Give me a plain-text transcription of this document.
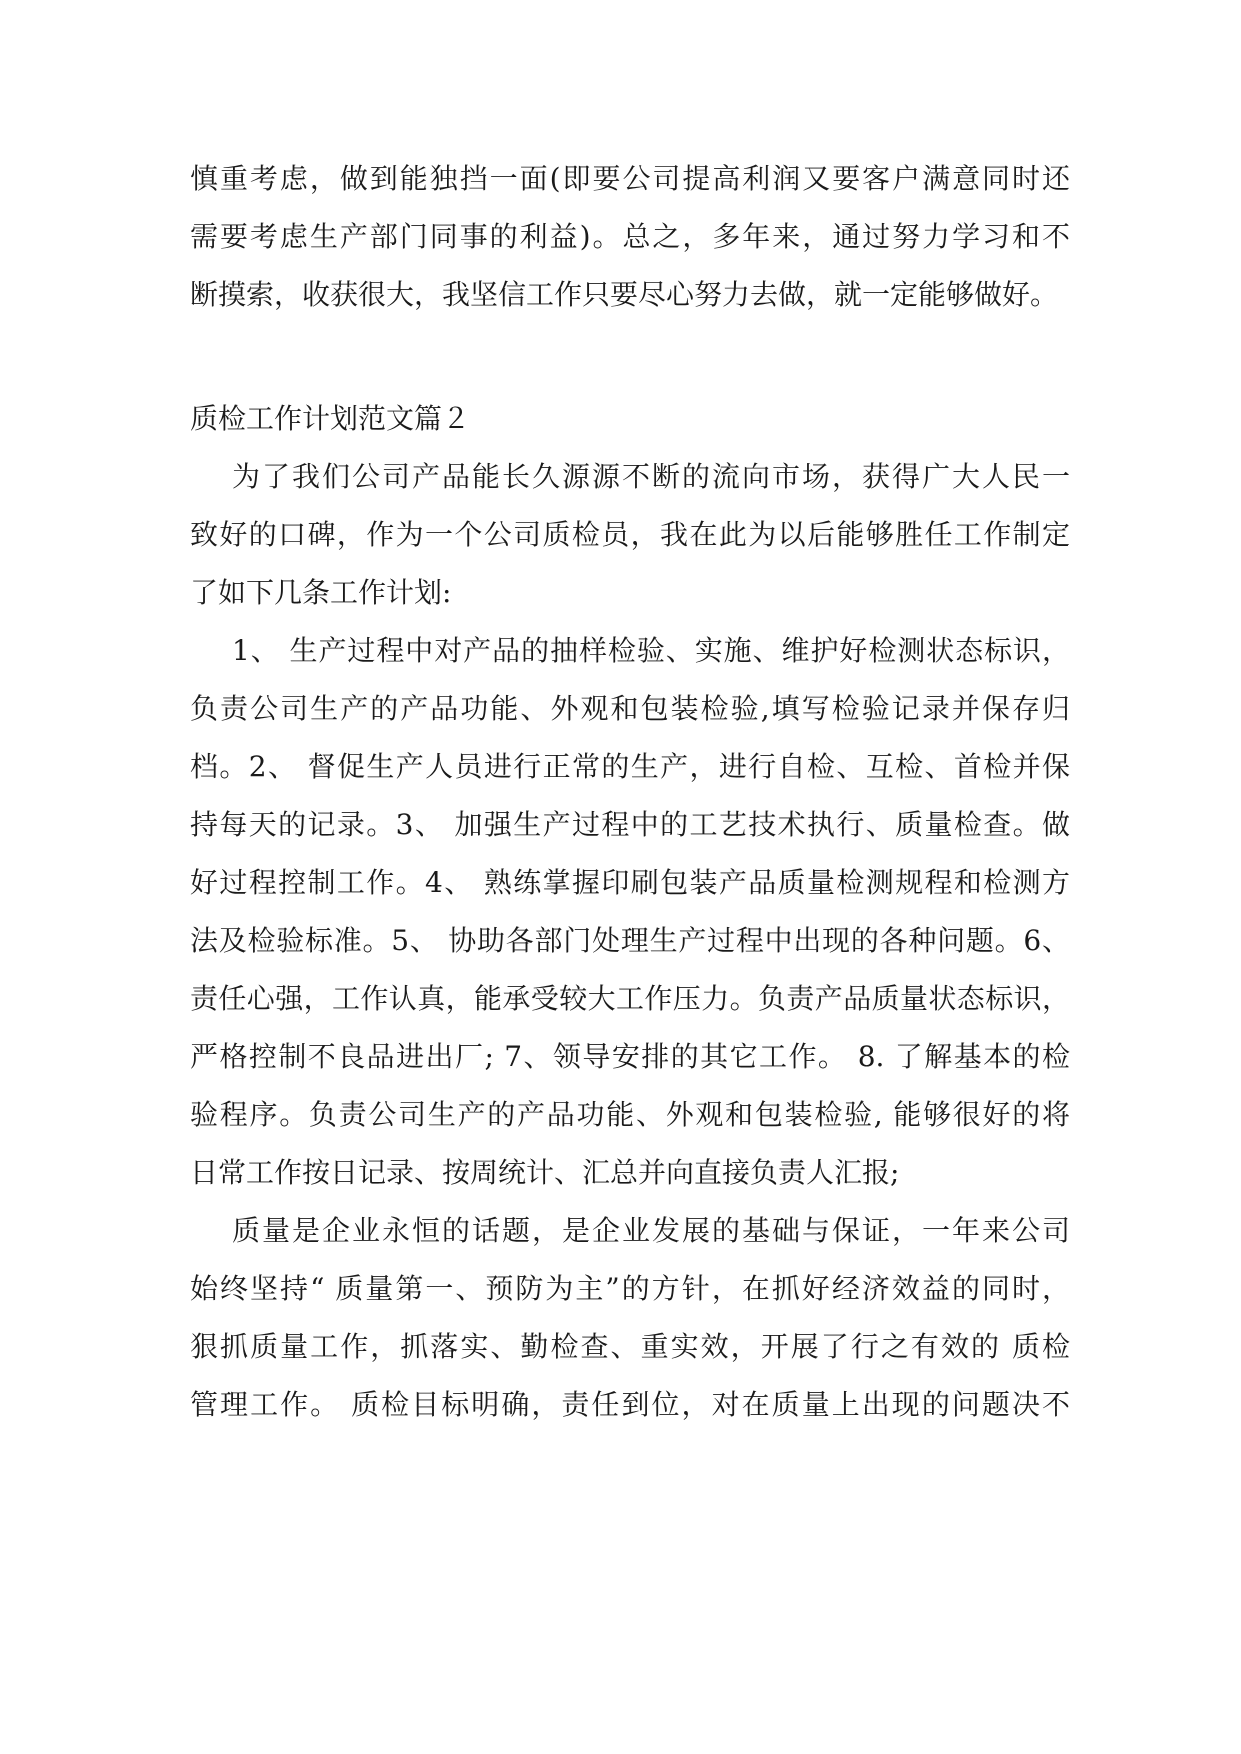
慎重考虑，做到能独挡一面(即要公司提高利润又要客户满意同时还
需要考虑生产部门同事的利益)。总之，多年来，通过努力学习和不
断摸索，收获很大，我坚信工作只要尽心努力去做，就一定能够做好。
质检工作计划范文篇２
为了我们公司产品能长久源源不断的流向市场，获得广大人民一
致好的口碑，作为一个公司质检员，我在此为以后能够胜任工作制定
了如下几条工作计划:
1、 生产过程中对产品的抽样检验、实施、维护好检测状态标识，
负责公司生产的产品功能、外观和包装检验,填写检验记录并保存归
档。2、 督促生产人员进行正常的生产，进行自检、互检、首检并保
持每天的记录。3、 加强生产过程中的工艺技术执行、质量检查。做
好过程控制工作。4、 熟练掌握印刷包装产品质量检测规程和检测方
法及检验标准。5、 协助各部门处理生产过程中出现的各种问题。6、
责任心强，工作认真，能承受较大工作压力。负责产品质量状态标识，
严格控制不良品进出厂; 7、领导安排的其它工作。 8. 了解基本的检
验程序。负责公司生产的产品功能、外观和包装检验, 能够很好的将
日常工作按日记录、按周统计、汇总并向直接负责人汇报;
质量是企业永恒的话题，是企业发展的基础与保证，一年来公司
始终坚持“ 质量第一、预防为主”的方针，在抓好经济效益的同时，
狠抓质量工作，抓落实、勤检查、重实效，开展了行之有效的 质检
管理工作。 质检目标明确，责任到位，对在质量上出现的问题决不
